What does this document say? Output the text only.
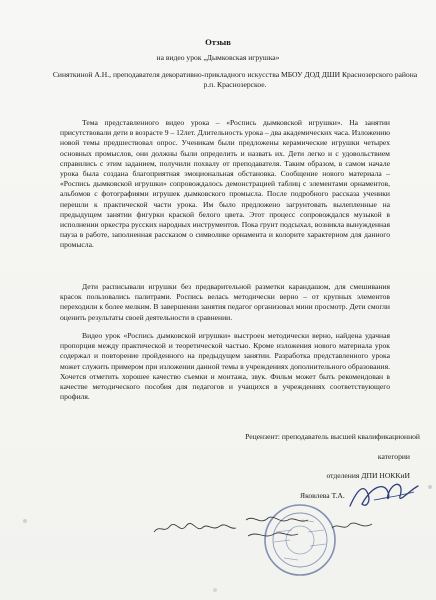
Отзыв

на видео урок „Дымковская игрушка»

Синяткиной А.Н., преподавателя декоративно-прикладного искусства МБОУ ДОД ДШИ Краснозерского района р.п. Краснозерское.

Тема представленного видео урока – «Роспись дымковской игрушки». На занятии присутствовали дети в возрасте 9 – 12лет. Длительность урока – два академических часа. Изложению новой темы предшествовал опрос. Ученикам были предложены керамические игрушки четырех основных промыслов, они должны были определить и назвать их. Дети легко и с удовольствием справились с этим заданием, получили похвалу от преподавателя. Таким образом, в самом начале урока была создана благоприятная эмоциональная обстановка. Сообщение нового материала – «Роспись дымковской игрушки» сопровождалось демонстрацией таблиц с элементами орнаментов, альбомов с фотографиями игрушек дымковского промысла. После подробного рассказа ученики перешли к практической части урока. Им было предложено загрунтовать вылепленные на предыдущем занятии фигурки краской белого цвета. Этот процесс сопровождался музыкой в исполнении оркестра русских народных инструментов. Пока грунт подсыхал, возникла вынужденная пауза в работе, заполненная рассказом о символике орнамента и колорите характерном для данного промысла.

Дети расписывали игрушки без предварительной разметки карандашом, для смешивания красок пользовались палитрами. Роспись велась методически верно – от крупных элементов переходили к более мелким. В завершении занятия педагог организовал мини просмотр. Дети смогли оценить результаты своей деятельности в сравнении.

Видео урок «Роспись дымковской игрушки» выстроен методически верно, найдена удачная пропорция между практической и теоретической частью. Кроме изложения нового материала урок содержал и повторение пройденного на предыдущем занятии. Разработка представленного урока может служить примером при изложении данной темы в учреждениях дополнительного образования. Хочется отметить хорошее качество съемки и монтажа, звук. Фильм может быть рекомендован в качестве методического пособия для педагогов и учащихся в учреждениях соответствующего профиля.

Рецензент: преподаватель высшей квалификационной

категории

отделения ДПИ НОККиИ

Яковлева Т.А.
